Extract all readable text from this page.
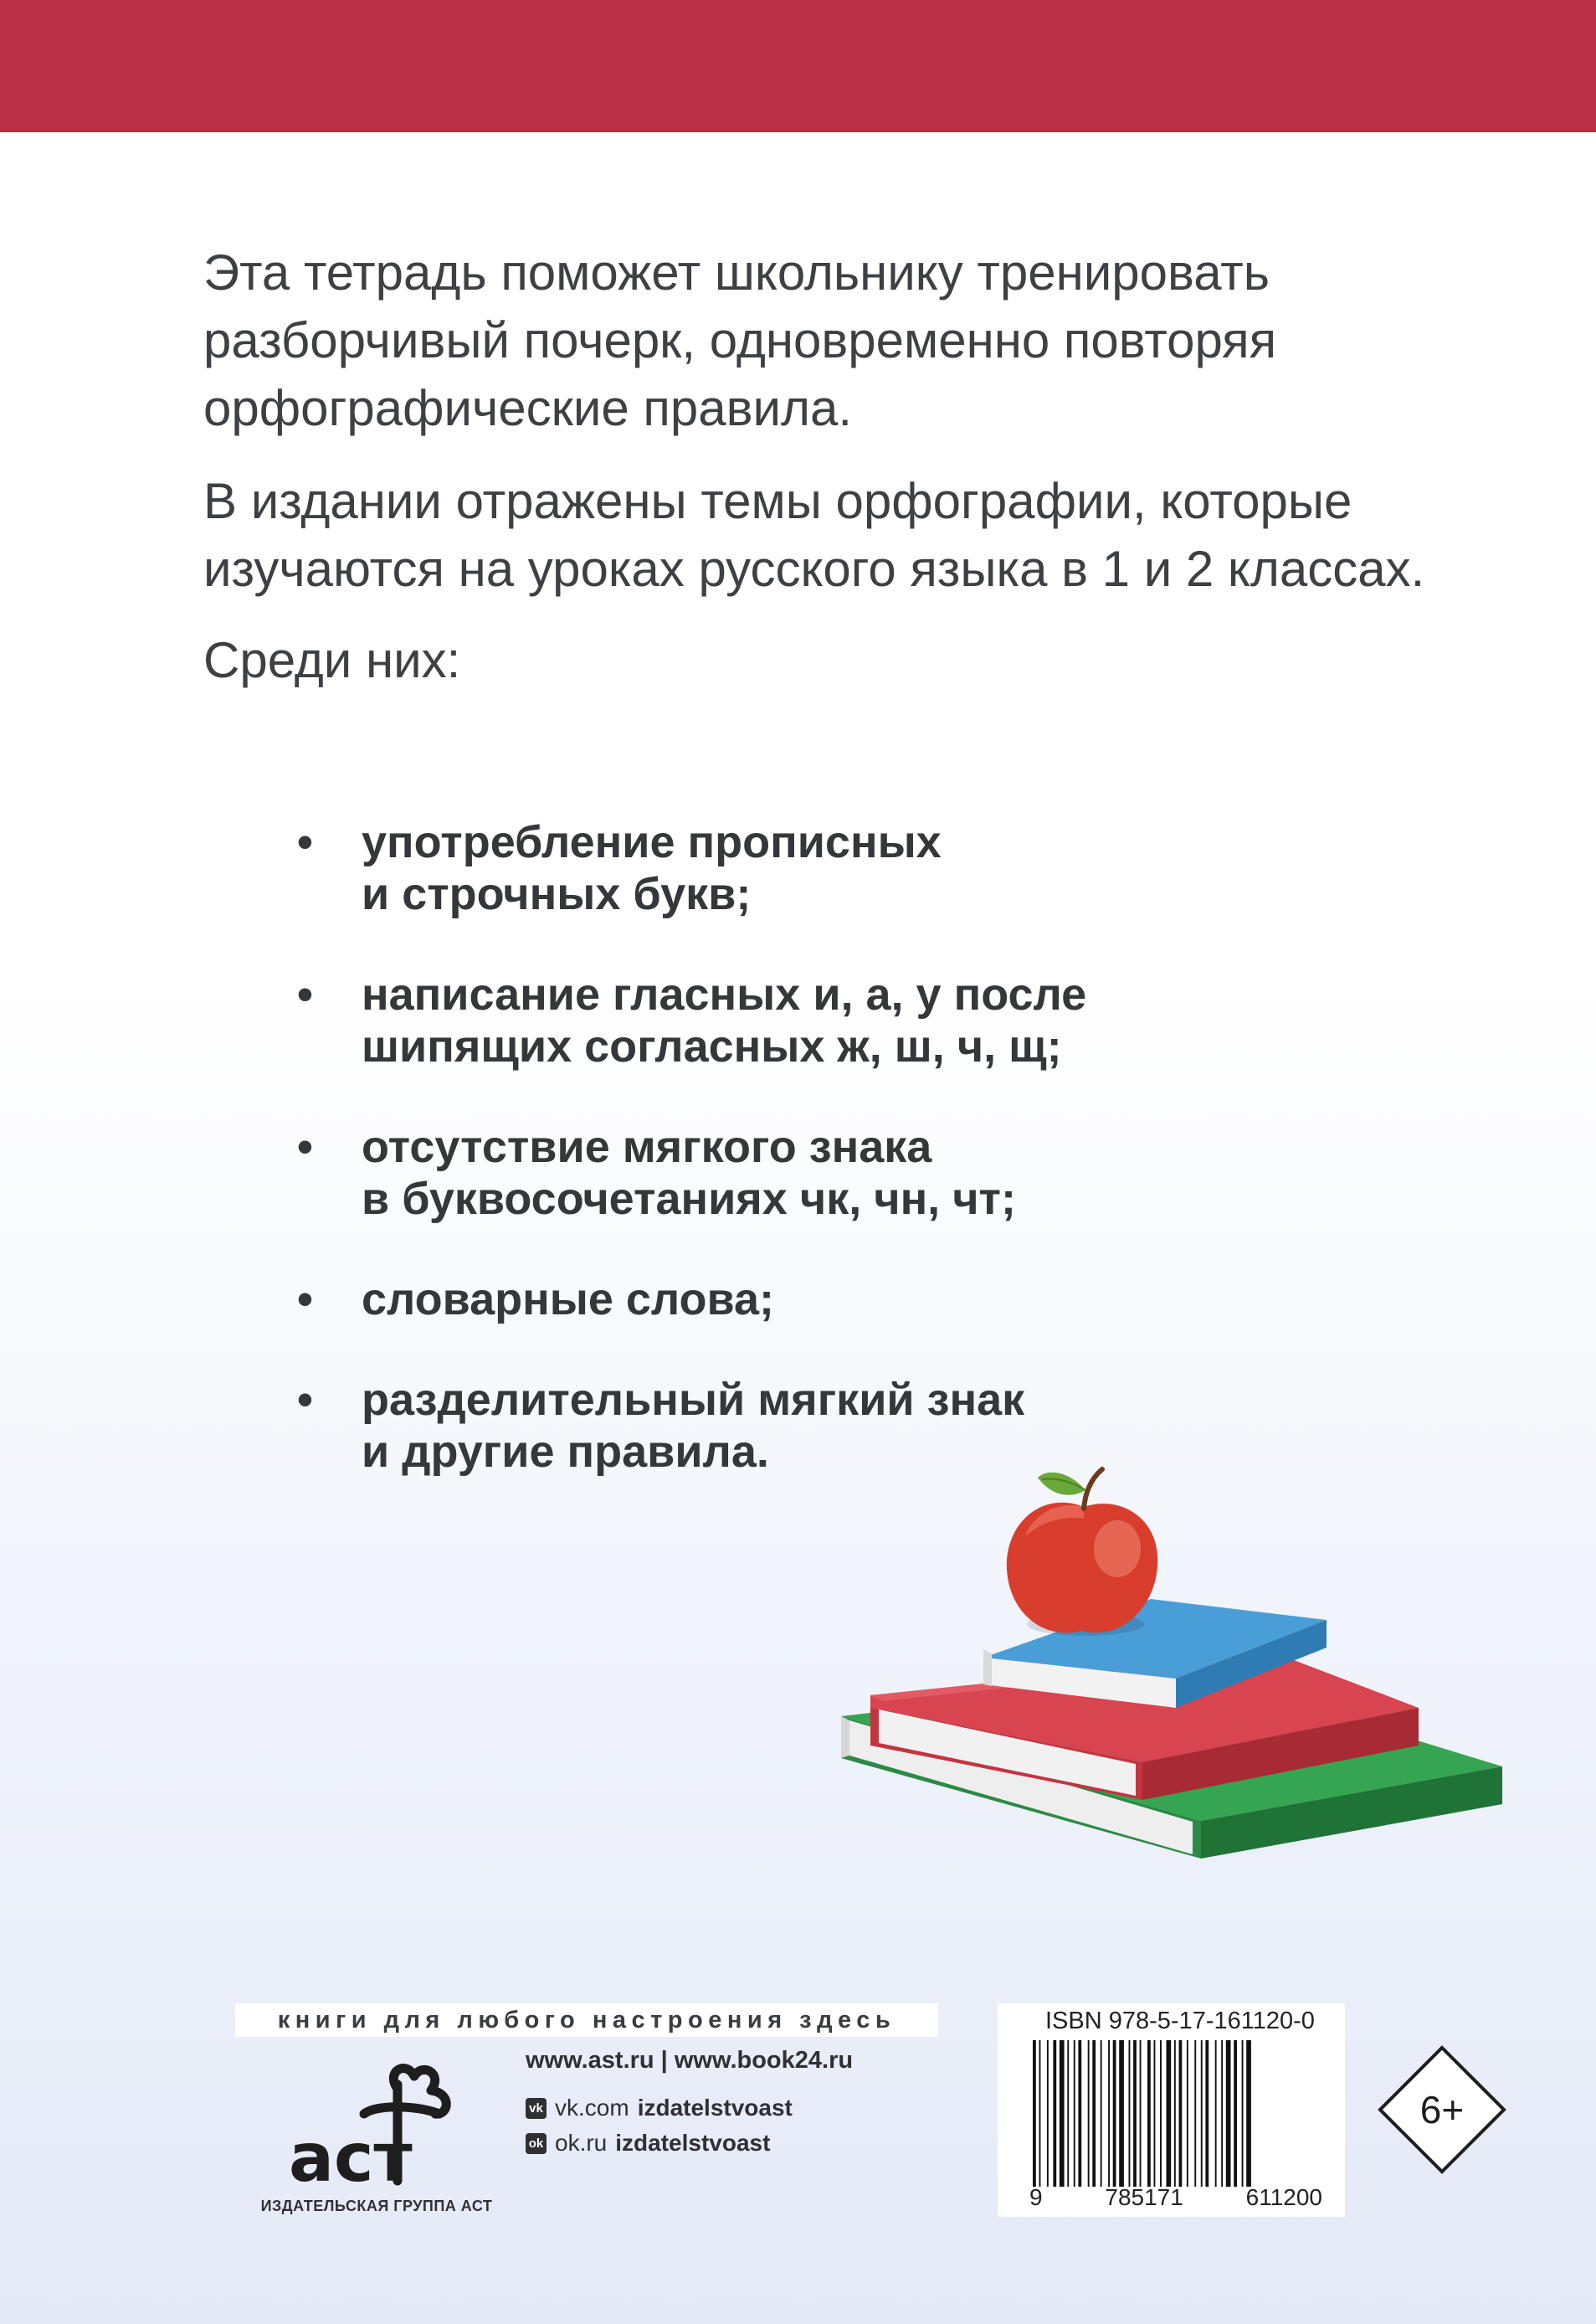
Эта тетрадь поможет школьнику тренировать разборчивый почерк, одновременно повторяя орфографические правила.

В издании отражены темы орфографии, которые изучаются на уроках русского языка в 1 и 2 классах.

Среди них:

• употребление прописных
и строчных букв;
• написание гласных и, а, у после
шипящих согласных ж, ш, ч, щ;
• отсутствие мягкого знака
в буквосочетаниях чк, чн, чт;
• словарные слова;
• разделительный мягкий знак
и другие правила.
книги для любого настроения здесь
аст
ИЗДАТЕЛЬСКАЯ ГРУППА АСТ
www.ast.ru | www.book24.ru
vk vk.com izdatelstvoast
ok ok.ru izdatelstvoast
ISBN 978-5-17-161120-0
9	785171	611200
6+
